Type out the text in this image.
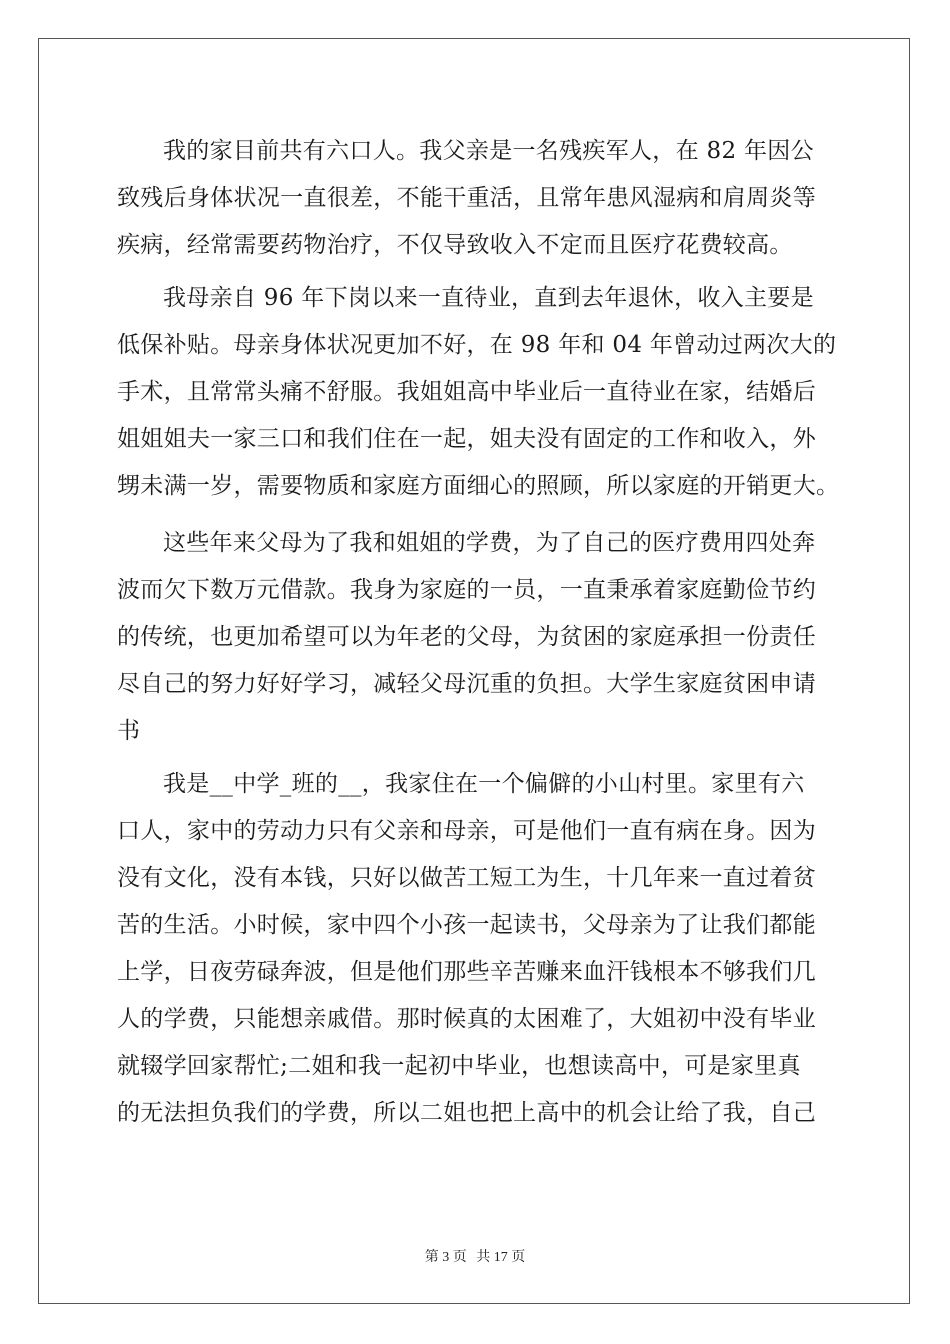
我的家目前共有六口人。我父亲是一名残疾军人，在 82 年因公
致残后身体状况一直很差，不能干重活，且常年患风湿病和肩周炎等
疾病，经常需要药物治疗，不仅导致收入不定而且医疗花费较高。
我母亲自 96 年下岗以来一直待业，直到去年退休，收入主要是
低保补贴。母亲身体状况更加不好，在 98 年和 04 年曾动过两次大的
手术，且常常头痛不舒服。我姐姐高中毕业后一直待业在家，结婚后
姐姐姐夫一家三口和我们住在一起，姐夫没有固定的工作和收入，外
甥未满一岁，需要物质和家庭方面细心的照顾，所以家庭的开销更大。
这些年来父母为了我和姐姐的学费，为了自己的医疗费用四处奔
波而欠下数万元借款。我身为家庭的一员，一直秉承着家庭勤俭节约
的传统，也更加希望可以为年老的父母，为贫困的家庭承担一份责任
尽自己的努力好好学习，减轻父母沉重的负担。大学生家庭贫困申请
书
我是__中学_班的__，我家住在一个偏僻的小山村里。家里有六
口人，家中的劳动力只有父亲和母亲，可是他们一直有病在身。因为
没有文化，没有本钱，只好以做苦工短工为生，十几年来一直过着贫
苦的生活。小时候，家中四个小孩一起读书，父母亲为了让我们都能
上学，日夜劳碌奔波，但是他们那些辛苦赚来血汗钱根本不够我们几
人的学费，只能想亲戚借。那时候真的太困难了，大姐初中没有毕业
就辍学回家帮忙;二姐和我一起初中毕业，也想读高中，可是家里真
的无法担负我们的学费，所以二姐也把上高中的机会让给了我，自己
第 3 页 共 17 页
